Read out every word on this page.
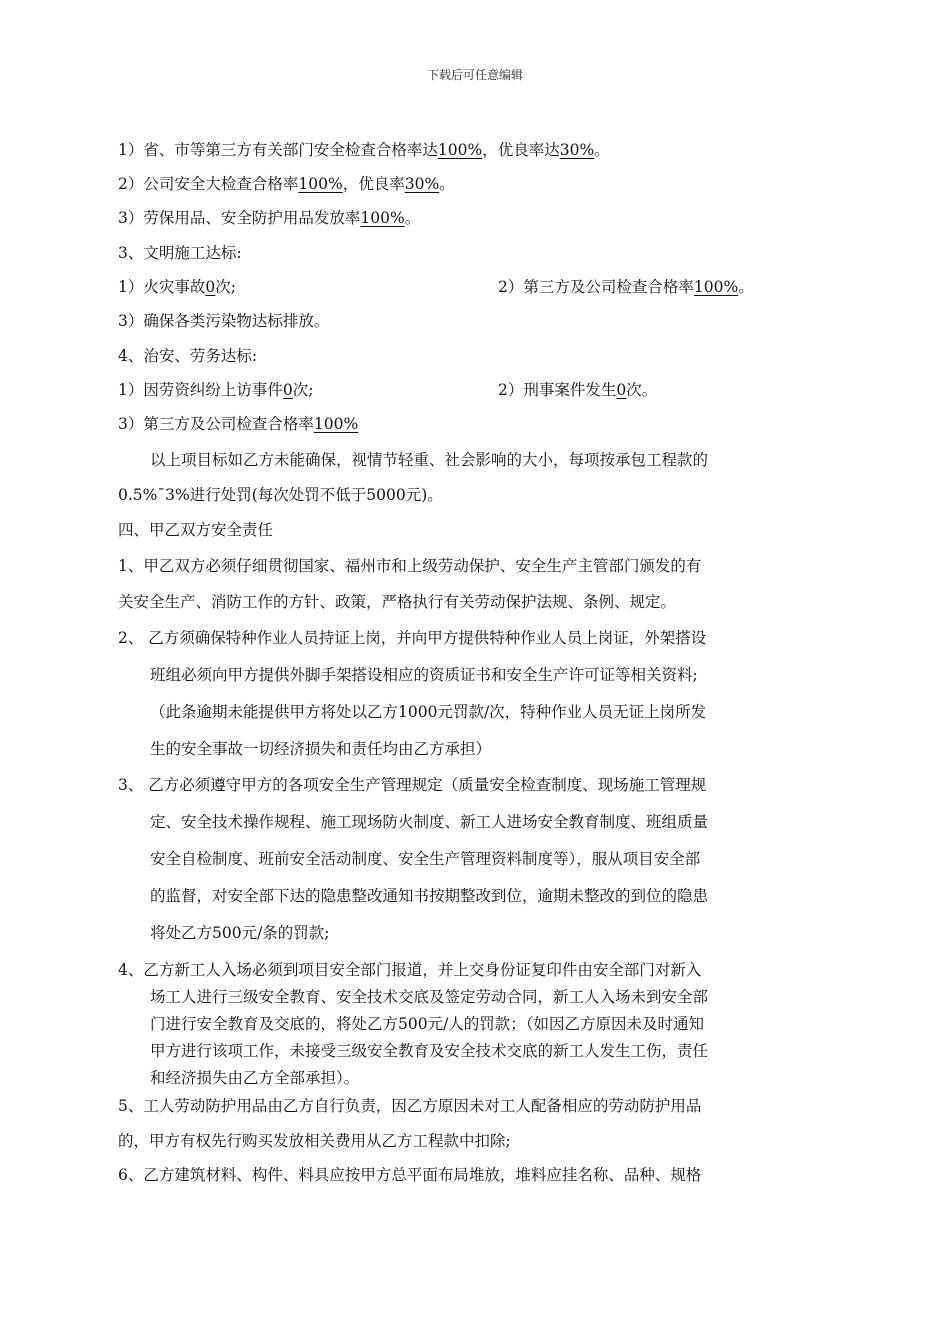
下载后可任意编辑
1）省、市等第三方有关部门安全检查合格率达100%，优良率达30%。
2）公司安全大检查合格率100%，优良率30%。
3）劳保用品、安全防护用品发放率100%。
3、文明施工达标:
1）火灾事故0次;	2）第三方及公司检查合格率100%。
3）确保各类污染物达标排放。
4、治安、劳务达标:
1）因劳资纠纷上访事件0次;	2）刑事案件发生0次。
3）第三方及公司检查合格率100%
以上项目标如乙方未能确保，视情节轻重、社会影响的大小，每项按承包工程款的
0.5%¯3%进行处罚(每次处罚不低于5000元)。
四、甲乙双方安全责任
1、甲乙双方必须仔细贯彻国家、福州市和上级劳动保护、安全生产主管部门颁发的有
关安全生产、消防工作的方针、政策，严格执行有关劳动保护法规、条例、规定。
2、 乙方须确保特种作业人员持证上岗，并向甲方提供特种作业人员上岗证，外架搭设
班组必须向甲方提供外脚手架搭设相应的资质证书和安全生产许可证等相关资料;
（此条逾期未能提供甲方将处以乙方1000元罚款/次，特种作业人员无证上岗所发
生的安全事故一切经济损失和责任均由乙方承担）
3、 乙方必须遵守甲方的各项安全生产管理规定（质量安全检查制度、现场施工管理规
定、安全技术操作规程、施工现场防火制度、新工人进场安全教育制度、班组质量
安全自检制度、班前安全活动制度、安全生产管理资料制度等），服从项目安全部
的监督，对安全部下达的隐患整改通知书按期整改到位，逾期未整改的到位的隐患
将处乙方500元/条的罚款;
4、乙方新工人入场必须到项目安全部门报道，并上交身份证复印件由安全部门对新入
场工人进行三级安全教育、安全技术交底及签定劳动合同，新工人入场未到安全部
门进行安全教育及交底的，将处乙方500元/人的罚款；（如因乙方原因未及时通知
甲方进行该项工作，未接受三级安全教育及安全技术交底的新工人发生工伤，责任
和经济损失由乙方全部承担）。
5、工人劳动防护用品由乙方自行负责，因乙方原因未对工人配备相应的劳动防护用品
的，甲方有权先行购买发放相关费用从乙方工程款中扣除;
6、乙方建筑材料、构件、料具应按甲方总平面布局堆放，堆料应挂名称、品种、规格
